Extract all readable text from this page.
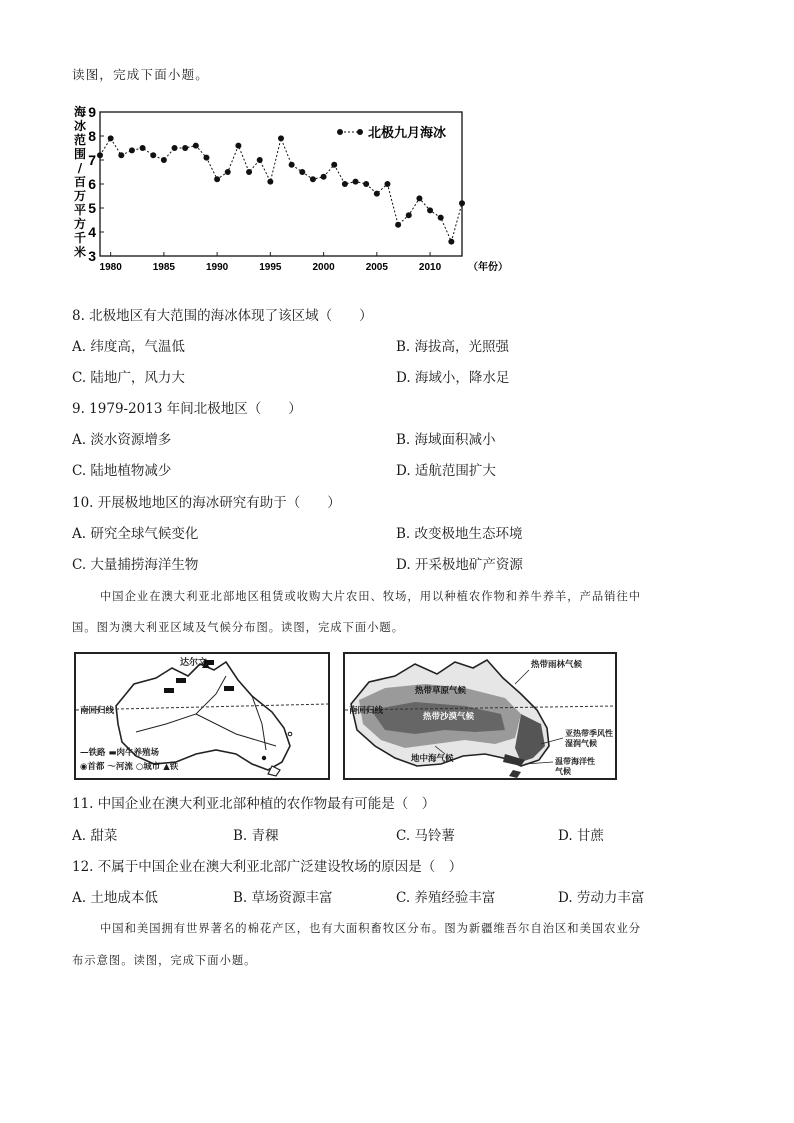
读图，完成下面小题。
3
4
5
6
7
8
9
1980	1985	1990	1995	2000	2005	2010	（年份）
海
冰
范
围
/
百
万
平
方
千
米
北极九月海冰
8. 北极地区有大范围的海冰体现了该区域（　　）
A. 纬度高，气温低	B. 海拔高，光照强
C. 陆地广，风力大	D. 海域小，降水足
9. 1979-2013 年间北极地区（　　）
A. 淡水资源增多	B. 海域面积减小
C. 陆地植物减少	D. 适航范围扩大
10. 开展极地地区的海冰研究有助于（　　）
A. 研究全球气候变化	B. 改变极地生态环境
C. 大量捕捞海洋生物	D. 开采极地矿产资源
中国企业在澳大利亚北部地区租赁或收购大片农田、牧场，用以种植农作物和养牛养羊，产品销往中
国。图为澳大利亚区域及气候分布图。读图，完成下面小题。
达尔文
南回归线
—铁路 ▬肉牛养殖场
◉首都 ～河流 ○城市 ▲铁
热带草原气候
热带沙漠气候
热带雨林气候
南回归线
亚热带季风性湿润气候
地中海气候	温带海洋性气候
11. 中国企业在澳大利亚北部种植的农作物最有可能是（　）
A. 甜菜	B. 青稞	C. 马铃薯	D. 甘蔗
12. 不属于中国企业在澳大利亚北部广泛建设牧场的原因是（　）
A. 土地成本低	B. 草场资源丰富	C. 养殖经验丰富	D. 劳动力丰富
中国和美国拥有世界著名的棉花产区，也有大面积畜牧区分布。图为新疆维吾尔自治区和美国农业分
布示意图。读图，完成下面小题。
